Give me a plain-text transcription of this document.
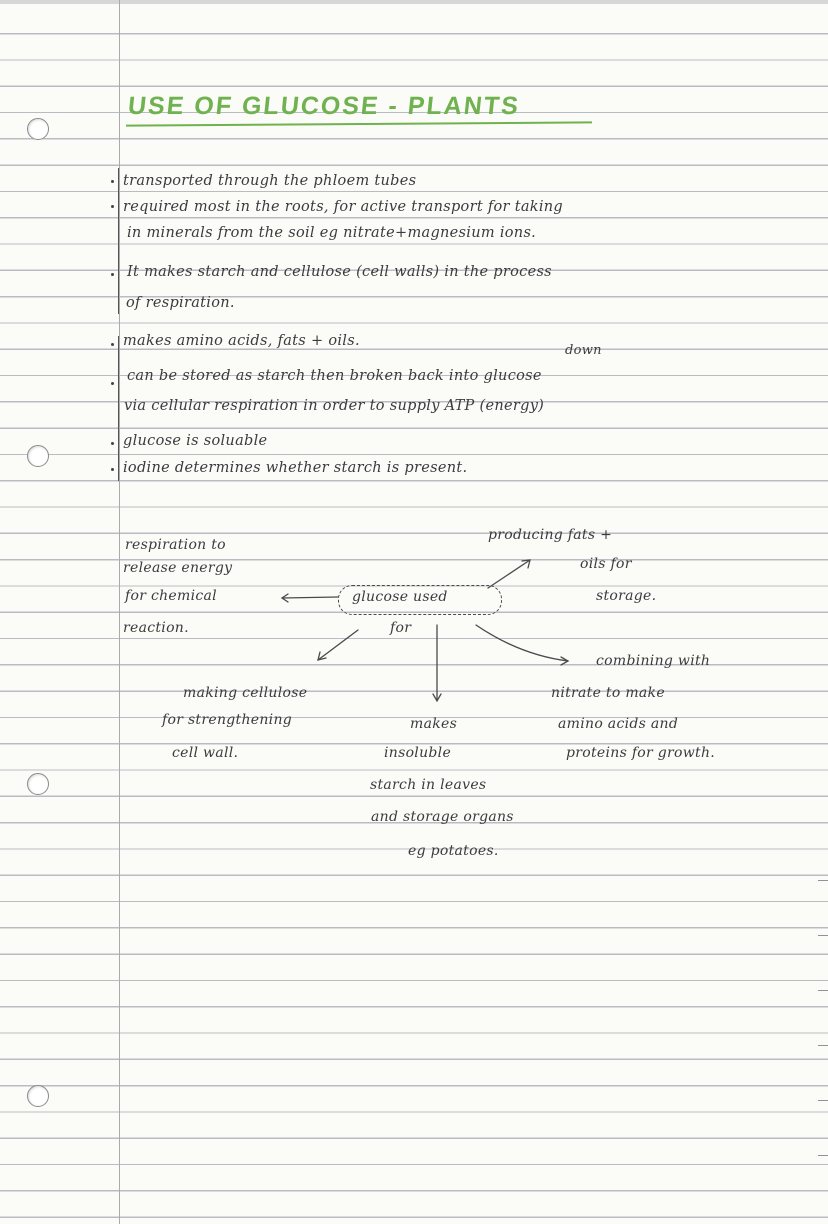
USE OF GLUCOSE - PLANTS
transported through the phloem tubes
required most in the roots, for active transport for taking
in minerals from the soil eg nitrate+magnesium ions.
It makes starch and cellulose (cell walls) in the process
of respiration.
makes amino acids, fats + oils.
down
can be stored as starch then broken back into glucose
via cellular respiration in order to supply ATP (energy)
glucose is soluable
iodine determines whether starch is present.
respiration to
release energy
for chemical
reaction.
producing fats +
oils for
storage.
glucose used
for
making cellulose
for strengthening
cell wall.
makes
insoluble
starch in leaves
and storage organs
eg potatoes.
combining with
nitrate to make
amino acids and
proteins for growth.
